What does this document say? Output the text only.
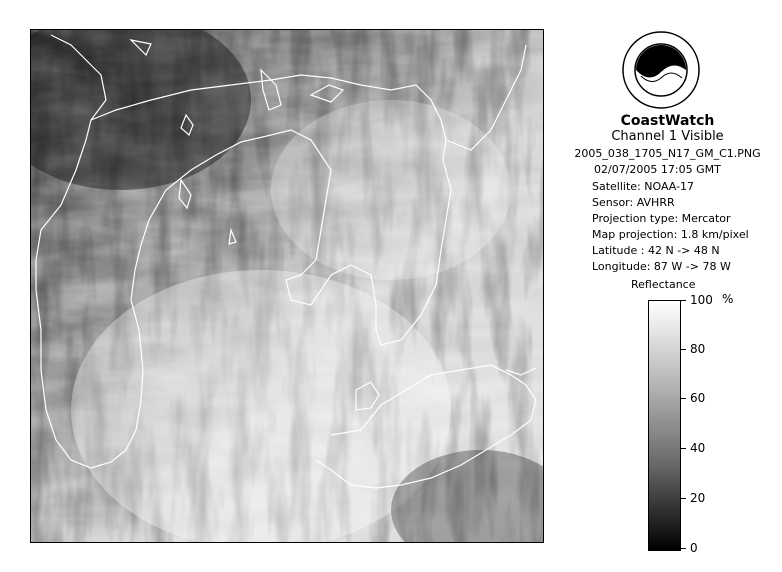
CoastWatch
Channel 1 Visible
2005_038_1705_N17_GM_C1.PNG
02/07/2005 17:05 GMT
Satellite: NOAA-17
Sensor: AVHRR
Projection type: Mercator
Map projection: 1.8 km/pixel
Latitude : 42 N -> 48 N
Longitude: 87 W -> 78 W
Reflectance
%
100
80
60
40
20
0
